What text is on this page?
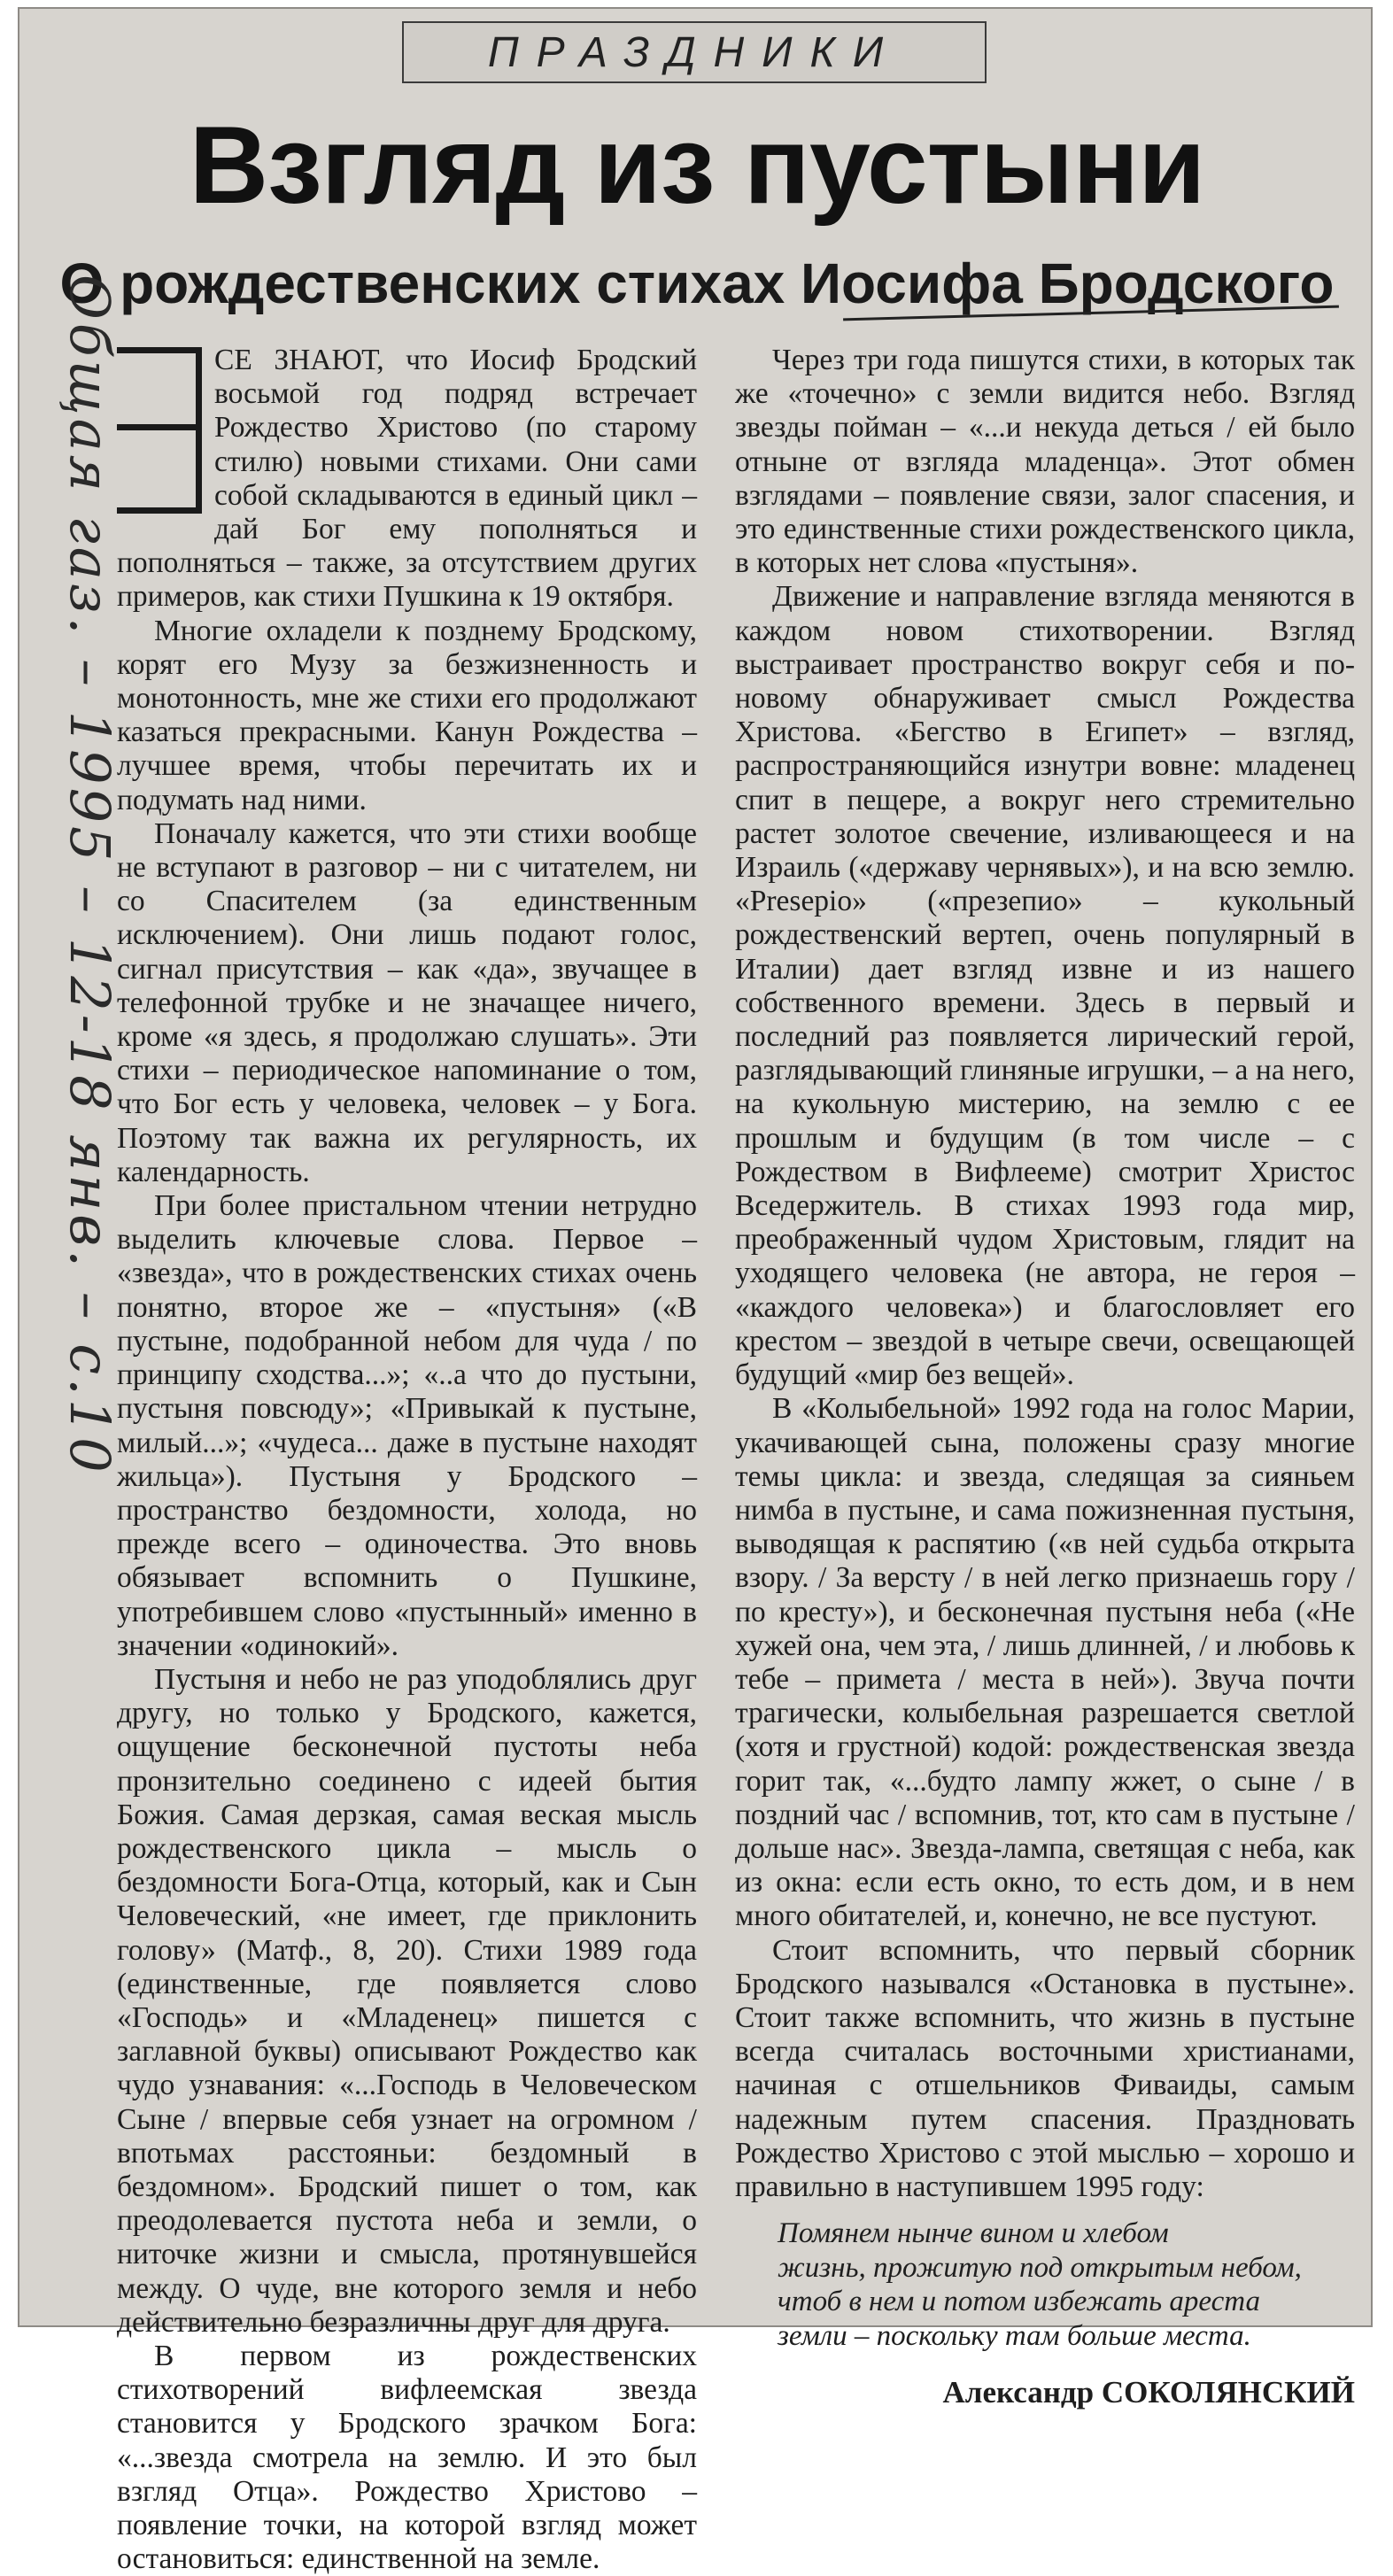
ПРАЗДНИКИ
Взгляд из пустыни
О рождественских стихах Иосифа Бродского
Общая газ. – 1995 – 12-18 янв. – с.10	СЕ ЗНАЮТ, что Иосиф Бродский восьмой год подряд встречает Рождество Христово (по старому стилю) новыми стихами. Они сами собой складываются в единый цикл – дай Бог ему пополняться и пополняться – также, за отсутствием других примеров, как стихи Пушкина к 19 октября.

Многие охладели к позднему Бродскому, корят его Музу за безжизненность и монотонность, мне же стихи его продолжают казаться прекрасными. Канун Рождества – лучшее время, чтобы перечитать их и подумать над ними.

Поначалу кажется, что эти стихи вообще не вступают в разговор – ни с читателем, ни со Спасителем (за единственным исключением). Они лишь подают голос, сигнал присутствия – как «да», звучащее в телефонной трубке и не значащее ничего, кроме «я здесь, я продолжаю слушать». Эти стихи – периодическое напоминание о том, что Бог есть у человека, человек – у Бога. Поэтому так важна их регулярность, их календарность.

При более пристальном чтении нетрудно выделить ключевые слова. Первое – «звезда», что в рождественских стихах очень понятно, второе же – «пустыня» («В пустыне, подобранной небом для чуда / по принципу сходства...»; «..а что до пустыни, пустыня повсюду»; «Привыкай к пустыне, милый...»; «чудеса... даже в пустыне находят жильца»). Пустыня у Бродского – пространство бездомности, холода, но прежде всего – одиночества. Это вновь обязывает вспомнить о Пушкине, употребившем слово «пустынный» именно в значении «одинокий».

Пустыня и небо не раз уподоблялись друг другу, но только у Бродского, кажется, ощущение бесконечной пустоты неба пронзительно соединено с идеей бытия Божия. Самая дерзкая, самая веская мысль рождественского цикла – мысль о бездомности Бога-Отца, который, как и Сын Человеческий, «не имеет, где приклонить голову» (Матф., 8, 20). Стихи 1989 года (единственные, где появляется слово «Господь» и «Младенец» пишется с заглавной буквы) описывают Рождество как чудо узнавания: «...Господь в Человеческом Сыне / впервые себя узнает на огромном / впотьмах расстояньи: бездомный в бездомном». Бродский пишет о том, как преодолевается пустота неба и земли, о ниточке жизни и смысла, протянувшейся между. О чуде, вне которого земля и небо действительно безразличны друг для друга.

В первом из рождественских стихотворений вифлеемская звезда становится у Бродского зрачком Бога: «...звезда смотрела на землю. И это был взгляд Отца». Рождество Христово – появление точки, на которой взгляд может остановиться: единственной на земле.

Через три года пишутся стихи, в которых так же «точечно» с земли видится небо. Взгляд звезды пойман – «...и некуда деться / ей было отныне от взгляда младенца». Этот обмен взглядами – появление связи, залог спасения, и это единственные стихи рождественского цикла, в которых нет слова «пустыня».

Движение и направление взгляда меняются в каждом новом стихотворении. Взгляд выстраивает пространство вокруг себя и по-новому обнаруживает смысл Рождества Христова. «Бегство в Египет» – взгляд, распространяющийся изнутри вовне: младенец спит в пещере, а вокруг него стремительно растет золотое свечение, изливающееся и на Израиль («державу чернявых»), и на всю землю. «Presepio» («презепио» – кукольный рождественский вертеп, очень популярный в Италии) дает взгляд извне и из нашего собственного времени. Здесь в первый и последний раз появляется лирический герой, разглядывающий глиняные игрушки, – а на него, на кукольную мистерию, на землю с ее прошлым и будущим (в том числе – с Рождеством в Вифлееме) смотрит Христос Вседержитель. В стихах 1993 года мир, преображенный чудом Христовым, глядит на уходящего человека (не автора, не героя – «каждого человека») и благословляет его крестом – звездой в четыре свечи, освещающей будущий «мир без вещей».

В «Колыбельной» 1992 года на голос Марии, укачивающей сына, положены сразу многие темы цикла: и звезда, следящая за сияньем нимба в пустыне, и сама пожизненная пустыня, выводящая к распятию («в ней судьба открыта взору. / За версту / в ней легко признаешь гору / по кресту»), и бесконечная пустыня неба («Не хужей она, чем эта, / лишь длинней, / и любовь к тебе – примета / места в ней»). Звуча почти трагически, колыбельная разрешается светлой (хотя и грустной) кодой: рождественская звезда горит так, «...будто лампу жжет, о сыне / в поздний час / вспомнив, тот, кто сам в пустыне / дольше нас». Звезда-лампа, светящая с неба, как из окна: если есть окно, то есть дом, и в нем много обитателей, и, конечно, не все пустуют.

Стоит вспомнить, что первый сборник Бродского назывался «Остановка в пустыне». Стоит также вспомнить, что жизнь в пустыне всегда считалась восточными христианами, начиная с отшельников Фиваиды, самым надежным путем спасения. Праздновать Рождество Христово с этой мыслью – хорошо и правильно в наступившем 1995 году:

Помянем нынче вином и хлебом
жизнь, прожитую под открытым небом,
чтоб в нем и потом избежать ареста
земли – поскольку там больше места.
Александр СОКОЛЯНСКИЙ
